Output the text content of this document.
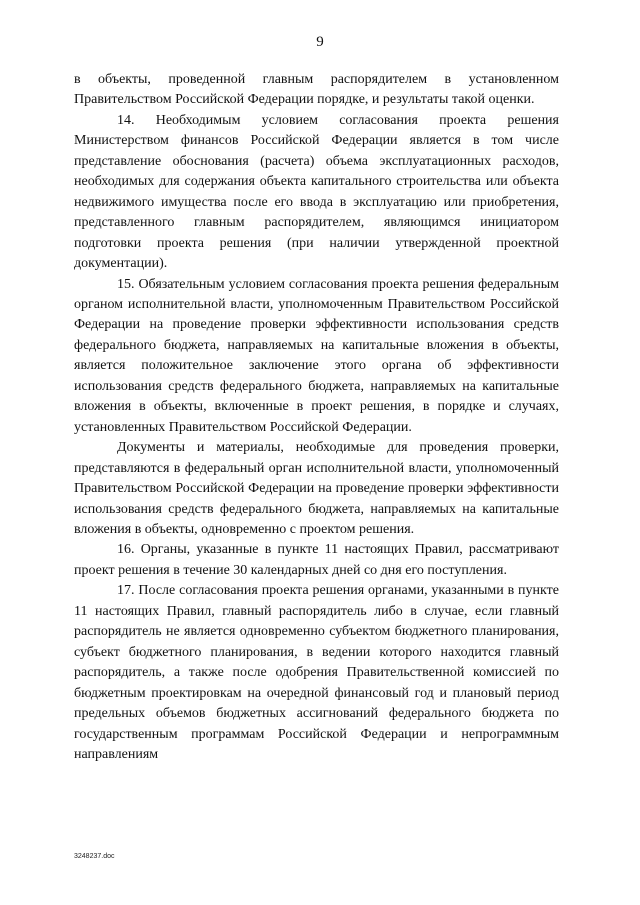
9

в объекты, проведенной главным распорядителем в установленном Правительством Российской Федерации порядке, и результаты такой оценки.

14. Необходимым условием согласования проекта решения Министерством финансов Российской Федерации является в том числе представление обоснования (расчета) объема эксплуатационных расходов, необходимых для содержания объекта капитального строительства или объекта недвижимого имущества после его ввода в эксплуатацию или приобретения, представленного главным распорядителем, являющимся инициатором подготовки проекта решения (при наличии утвержденной проектной документации).

15. Обязательным условием согласования проекта решения федеральным органом исполнительной власти, уполномоченным Правительством Российской Федерации на проведение проверки эффективности использования средств федерального бюджета, направляемых на капитальные вложения в объекты, является положительное заключение этого органа об эффективности использования средств федерального бюджета, направляемых на капитальные вложения в объекты, включенные в проект решения, в порядке и случаях, установленных Правительством Российской Федерации.

Документы и материалы, необходимые для проведения проверки, представляются в федеральный орган исполнительной власти, уполномоченный Правительством Российской Федерации на проведение проверки эффективности использования средств федерального бюджета, направляемых на капитальные вложения в объекты, одновременно с проектом решения.

16. Органы, указанные в пункте 11 настоящих Правил, рассматривают проект решения в течение 30 календарных дней со дня его поступления.

17. После согласования проекта решения органами, указанными в пункте 11 настоящих Правил, главный распорядитель либо в случае, если главный распорядитель не является одновременно субъектом бюджетного планирования, субъект бюджетного планирования, в ведении которого находится главный распорядитель, а также после одобрения Правительственной комиссией по бюджетным проектировкам на очередной финансовый год и плановый период предельных объемов бюджетных ассигнований федерального бюджета по государственным программам Российской Федерации и непрограммным направлениям

3248237.doc
